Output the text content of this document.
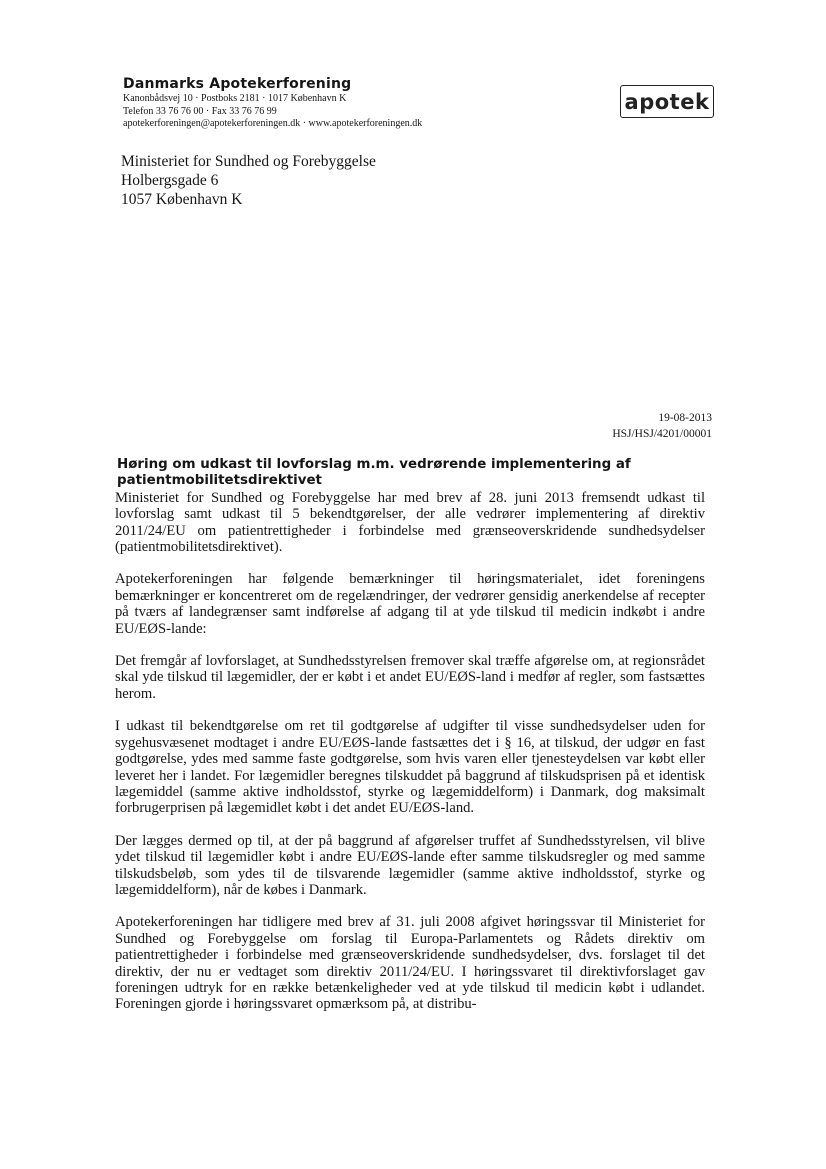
Danmarks Apotekerforening
Kanonbådsvej 10 · Postboks 2181 · 1017 København K
Telefon 33 76 76 00 · Fax 33 76 76 99
apotekerforeningen@apotekerforeningen.dk · www.apotekerforeningen.dk
apotek
Ministeriet for Sundhed og Forebyggelse
Holbergsgade 6
1057 København K
19-08-2013
HSJ/HSJ/4201/00001
Høring om udkast til lovforslag m.m. vedrørende implementering af patientmobilitetsdirektivet

Ministeriet for Sundhed og Forebyggelse har med brev af 28. juni 2013 fremsendt udkast til lovforslag samt udkast til 5 bekendtgørelser, der alle vedrører implementering af direktiv 2011/24/EU om patientrettigheder i forbindelse med grænseoverskridende sundhedsydelser (patientmobilitetsdirektivet).

Apotekerforeningen har følgende bemærkninger til høringsmaterialet, idet foreningens bemærkninger er koncentreret om de regelændringer, der vedrører gensidig anerkendelse af recepter på tværs af landegrænser samt indførelse af adgang til at yde tilskud til medicin indkøbt i andre EU/EØS-lande:

Det fremgår af lovforslaget, at Sundhedsstyrelsen fremover skal træffe afgørelse om, at regionsrådet skal yde tilskud til lægemidler, der er købt i et andet EU/EØS-land i medfør af regler, som fastsættes herom.

I udkast til bekendtgørelse om ret til godtgørelse af udgifter til visse sundhedsydelser uden for sygehusvæsenet modtaget i andre EU/EØS-lande fastsættes det i § 16, at tilskud, der udgør en fast godtgørelse, ydes med samme faste godtgørelse, som hvis varen eller tjenesteydelsen var købt eller leveret her i landet. For lægemidler beregnes tilskuddet på baggrund af tilskudsprisen på et identisk lægemiddel (samme aktive indholdsstof, styrke og lægemiddelform) i Danmark, dog maksimalt forbrugerprisen på lægemidlet købt i det andet EU/EØS-land.

Der lægges dermed op til, at der på baggrund af afgørelser truffet af Sundhedsstyrelsen, vil blive ydet tilskud til lægemidler købt i andre EU/EØS-lande efter samme tilskudsregler og med samme tilskudsbeløb, som ydes til de tilsvarende lægemidler (samme aktive indholdsstof, styrke og lægemiddelform), når de købes i Danmark.

Apotekerforeningen har tidligere med brev af 31. juli 2008 afgivet høringssvar til Ministeriet for Sundhed og Forebyggelse om forslag til Europa-Parlamentets og Rådets direktiv om patientrettigheder i forbindelse med grænseoverskridende sundhedsydelser, dvs. forslaget til det direktiv, der nu er vedtaget som direktiv 2011/24/EU. I høringssvaret til direktivforslaget gav foreningen udtryk for en række betænkeligheder ved at yde tilskud til medicin købt i udlandet. Foreningen gjorde i høringssvaret opmærksom på, at distribu-
